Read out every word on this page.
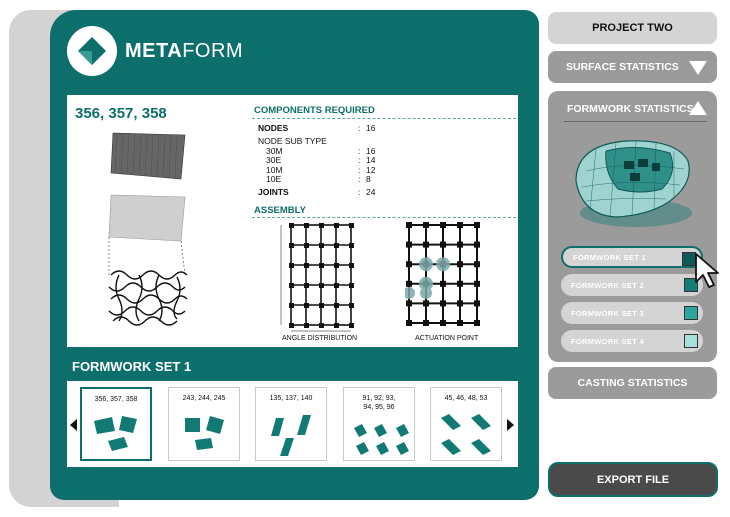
METAFORM
356, 357, 358	COMPONENTS REQUIRED
NODES	: 16
NODE SUB TYPE
30M	: 16
30E	: 14
10M	: 12
10E	: 8
JOINTS	: 24
ASSEMBLY
ANGLE DISTRIBUTION	ACTUATION POINT
FORMWORK SET 1
356, 357, 358	243, 244, 245	135, 137, 140	91, 92, 93,
94, 95, 96
45, 46, 48, 53
PROJECT TWO
SURFACE STATISTICS
FORMWORK STATISTICS
FORMWORK SET 1
FORMWORK SET 2
FORMWORK SET 3
FORMWORK SET 4
CASTING STATISTICS
EXPORT FILE
